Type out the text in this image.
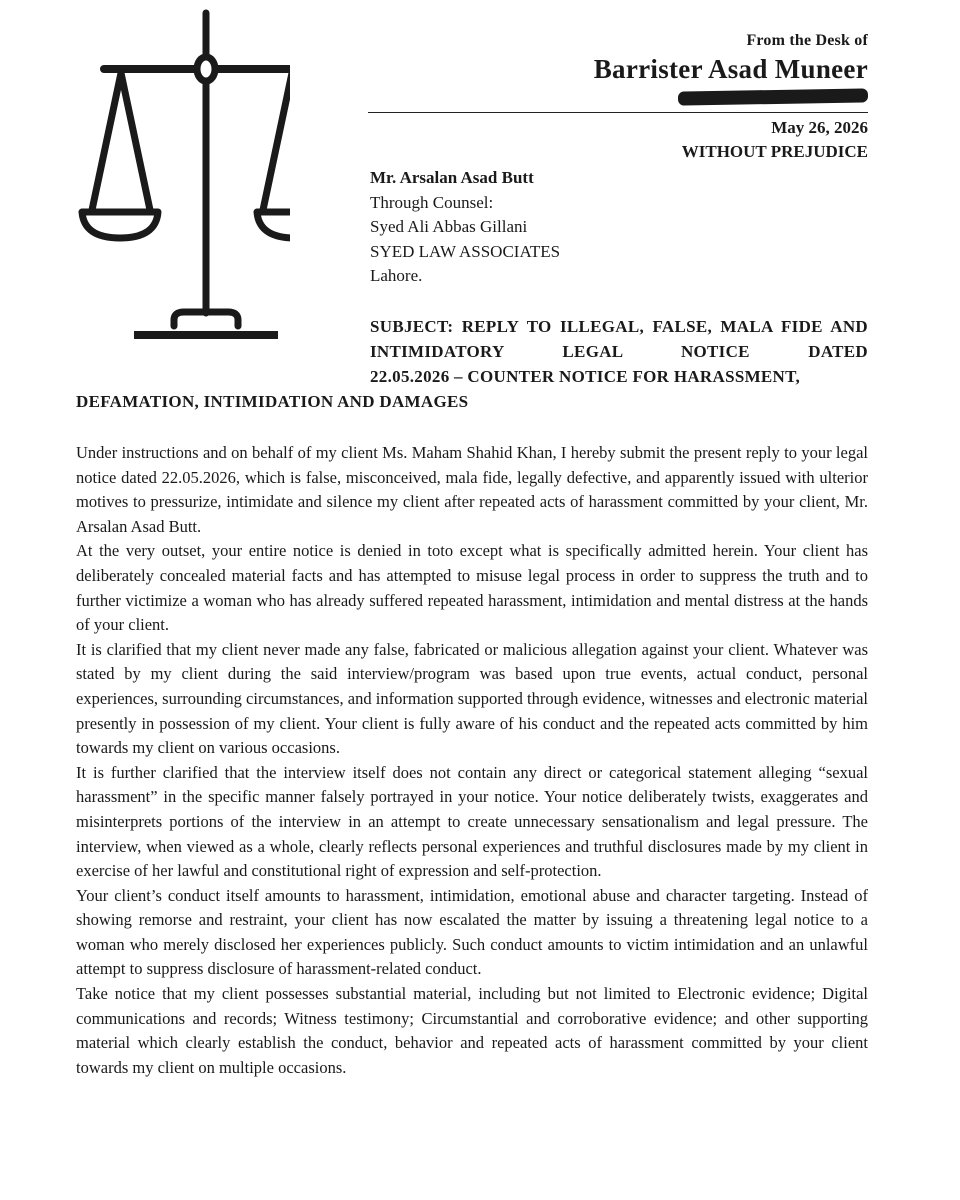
From the Desk of
Barrister Asad Muneer
May 26, 2026
WITHOUT PREJUDICE
Mr. Arsalan Asad Butt
Through Counsel:
Syed Ali Abbas Gillani
SYED LAW ASSOCIATES
Lahore.

SUBJECT: REPLY TO ILLEGAL, FALSE, MALA FIDE AND INTIMIDATORY LEGAL NOTICE DATED

22.05.2026 – COUNTER NOTICE FOR HARASSMENT,

DEFAMATION, INTIMIDATION AND DAMAGES

Under instructions and on behalf of my client Ms. Maham Shahid Khan, I hereby submit the present reply to your legal notice dated 22.05.2026, which is false, misconceived, mala fide, legally defective, and apparently issued with ulterior motives to pressurize, intimidate and silence my client after repeated acts of harassment committed by your client, Mr. Arsalan Asad Butt.

At the very outset, your entire notice is denied in toto except what is specifically admitted herein. Your client has deliberately concealed material facts and has attempted to misuse legal process in order to suppress the truth and to further victimize a woman who has already suffered repeated harassment, intimidation and mental distress at the hands of your client.

It is clarified that my client never made any false, fabricated or malicious allegation against your client. Whatever was stated by my client during the said interview/program was based upon true events, actual conduct, personal experiences, surrounding circumstances, and information supported through evidence, witnesses and electronic material presently in possession of my client. Your client is fully aware of his conduct and the repeated acts committed by him towards my client on various occasions.

It is further clarified that the interview itself does not contain any direct or categorical statement alleging “sexual harassment” in the specific manner falsely portrayed in your notice. Your notice deliberately twists, exaggerates and misinterprets portions of the interview in an attempt to create unnecessary sensationalism and legal pressure. The interview, when viewed as a whole, clearly reflects personal experiences and truthful disclosures made by my client in exercise of her lawful and constitutional right of expression and self-protection.

Your client’s conduct itself amounts to harassment, intimidation, emotional abuse and character targeting. Instead of showing remorse and restraint, your client has now escalated the matter by issuing a threatening legal notice to a woman who merely disclosed her experiences publicly. Such conduct amounts to victim intimidation and an unlawful attempt to suppress disclosure of harassment-related conduct.

Take notice that my client possesses substantial material, including but not limited to Electronic evidence; Digital communications and records; Witness testimony; Circumstantial and corroborative evidence; and other supporting material which clearly establish the conduct, behavior and repeated acts of harassment committed by your client towards my client on multiple occasions.
